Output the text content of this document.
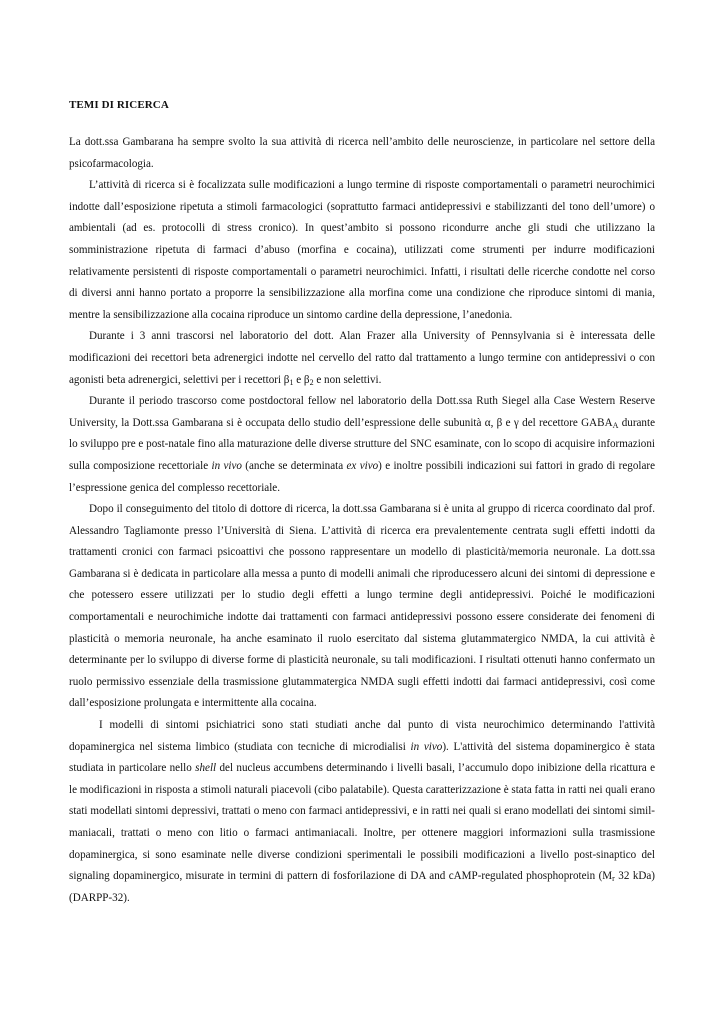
TEMI DI RICERCA

La dott.ssa Gambarana ha sempre svolto la sua attività di ricerca nell’ambito delle neuroscienze, in particolare nel settore della psicofarmacologia.

L’attività di ricerca si è focalizzata sulle modificazioni a lungo termine di risposte comportamentali o parametri neurochimici indotte dall’esposizione ripetuta a stimoli farmacologici (soprattutto farmaci antidepressivi e stabilizzanti del tono dell’umore) o ambientali (ad es. protocolli di stress cronico). In quest’ambito si possono ricondurre anche gli studi che utilizzano la somministrazione ripetuta di farmaci d’abuso (morfina e cocaina), utilizzati come strumenti per indurre modificazioni relativamente persistenti di risposte comportamentali o parametri neurochimici. Infatti, i risultati delle ricerche condotte nel corso di diversi anni hanno portato a proporre la sensibilizzazione alla morfina come una condizione che riproduce sintomi di mania, mentre la sensibilizzazione alla cocaina riproduce un sintomo cardine della depressione, l’anedonia.

Durante i 3 anni trascorsi nel laboratorio del dott. Alan Frazer alla University of Pennsylvania si è interessata delle modificazioni dei recettori beta adrenergici indotte nel cervello del ratto dal trattamento a lungo termine con antidepressivi o con agonisti beta adrenergici, selettivi per i recettori $\beta_1$ e $\beta_2$ e non selettivi.

Durante il periodo trascorso come postdoctoral fellow nel laboratorio della Dott.ssa Ruth Siegel alla Case Western Reserve University, la Dott.ssa Gambarana si è occupata dello studio dell’espressione delle subunità α, β e γ del recettore $GABA_A$ durante lo sviluppo pre e post-natale fino alla maturazione delle diverse strutture del SNC esaminate, con lo scopo di acquisire informazioni sulla composizione recettoriale in vivo (anche se determinata ex vivo) e inoltre possibili indicazioni sui fattori in grado di regolare l’espressione genica del complesso recettoriale.

Dopo il conseguimento del titolo di dottore di ricerca, la dott.ssa Gambarana si è unita al gruppo di ricerca coordinato dal prof. Alessandro Tagliamonte presso l’Università di Siena. L’attività di ricerca era prevalentemente centrata sugli effetti indotti da trattamenti cronici con farmaci psicoattivi che possono rappresentare un modello di plasticità/memoria neuronale. La dott.ssa Gambarana si è dedicata in particolare alla messa a punto di modelli animali che riproducessero alcuni dei sintomi di depressione e che potessero essere utilizzati per lo studio degli effetti a lungo termine degli antidepressivi. Poiché le modificazioni comportamentali e neurochimiche indotte dai trattamenti con farmaci antidepressivi possono essere considerate dei fenomeni di plasticità o memoria neuronale, ha anche esaminato il ruolo esercitato dal sistema glutammatergico NMDA, la cui attività è determinante per lo sviluppo di diverse forme di plasticità neuronale, su tali modificazioni. I risultati ottenuti hanno confermato un ruolo permissivo essenziale della trasmissione glutammatergica NMDA sugli effetti indotti dai farmaci antidepressivi, così come dall’esposizione prolungata e intermittente alla cocaina.

I modelli di sintomi psichiatrici sono stati studiati anche dal punto di vista neurochimico determinando l'attività dopaminergica nel sistema limbico (studiata con tecniche di microdialisi in vivo). L'attività del sistema dopaminergico è stata studiata in particolare nello shell del nucleus accumbens determinando i livelli basali, l’accumulo dopo inibizione della ricattura e le modificazioni in risposta a stimoli naturali piacevoli (cibo palatabile). Questa caratterizzazione è stata fatta in ratti nei quali erano stati modellati sintomi depressivi, trattati o meno con farmaci antidepressivi, e in ratti nei quali si erano modellati dei sintomi simil-maniacali, trattati o meno con litio o farmaci antimaniacali. Inoltre, per ottenere maggiori informazioni sulla trasmissione dopaminergica, si sono esaminate nelle diverse condizioni sperimentali le possibili modificazioni a livello post-sinaptico del signaling dopaminergico, misurate in termini di pattern di fosforilazione di DA and cAMP-regulated phosphoprotein ($M_r$ 32 kDa) (DARPP-32).
